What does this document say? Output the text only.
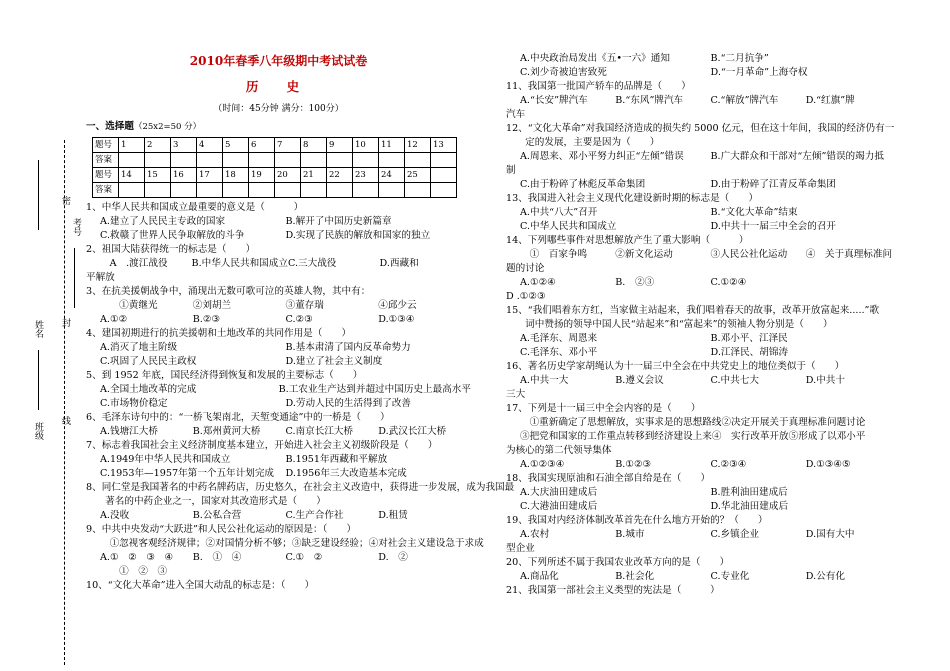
密
封
线
考号
姓名
班级
2010年春季八年级期中考试试卷
历 史
（时间：45分钟 满分：100分）
一、选择题（25x2=50 分）
题号	1	2	3	4	5	6	7	8	9	10	11	12	13
答案													
题号	14	15	16	17	18	19	20	21	22	23	24	25	
答案													
1、中华人民共和国成立最重要的意义是（　　　）
A.建立了人民民主专政的国家	B.解开了中国历史新篇章
C.救赣了世界人民争取解放的斗争	D.实现了民族的解放和国家的独立
2、祖国大陆获得统一的标志是（　　）
　A　.渡江战役	B.中华人民共和国成立 C.三大战役	D.西藏和
平解放
3、在抗美援朝战争中，涌现出无数可歌可泣的英雄人物，其中有：
　　①黄继光	②刘胡兰	③董存瑞	④邱少云
A.①②	B.②③	C.②③	D.①③④
4、建国初期进行的抗美援朝和土地改革的共同作用是（　　）
A.消灭了地主阶级	B.基本肃清了国内反革命势力
C.巩固了人民民主政权	D.建立了社会主义制度
5、到 1952 年底，国民经济得到恢复和发展的主要标志（　　）
A.全国土地改革的完成	B.工农业生产达到并超过中国历史上最高水平
C.市场物价稳定	D.劳动人民的生活得到了改善
6、毛泽东诗句中的：“一桥飞架南北，天堑变通途”中的一桥是（　　）
A.钱塘江大桥	B.郑州黄河大桥	C.南京长江大桥	D.武汉长江大桥
7、标志着我国社会主义经济制度基本建立，开始进入社会主义初级阶段是（　　）
A.1949年中华人民共和国成立	B.1951年西藏和平解放
C.1953年—1957年第一个五年计划完成	D.1956年三大改造基本完成
8、同仁堂是我国著名的中药名牌药店，历史悠久，在社会主义改造中，获得进一步发展，成为我国最
　　著名的中药企业之一，国家对其改造形式是（　　）
A.没收	B.公私合营	C.生产合作社	D.租赁
9、中共中央发动“大跃进”和人民公社化运动的原因是：（　　）
　①忽视客观经济规律；②对国情分析不够；③缺乏建设经验；④对社会主义建设急于求成
A.①　②　③　④	B.　①　④	C.①　②	D.　②
　　①　②　③
10、“文化大革命”进入全国大动乱的标志是：（　　）
A.中央政治局发出《五•一六》通知	B.“二月抗争”
C.刘少奇被迫害致死	D.“一月革命”上海夺权
11、我国第一批国产轿车的品牌是（　　）
A.“长安”牌汽车	B.“东风”牌汽车	C.“解放”牌汽车	D.“红旗”牌
汽车
12、“文化大革命”对我国经济造成的损失约 5000 亿元，但在这十年间，我国的经济仍有一
　　定的发展，主要是因为（　　）
A.周恩来、邓小平努力纠正“左倾”错误	B.广大群众和干部对“左倾”错误的竭力抵
制
C.由于粉碎了林彪反革命集团	D.由于粉碎了江青反革命集团
13、我国进入社会主义现代化建设新时期的标志是（　　）
A.中共“八大”召开	B.“文化大革命”结束
C.中华人民共和国成立	D.中共十一届三中全会的召开
14、下列哪些事件对思想解放产生了重大影响（　　　）
　①　百家争鸣	②新文化运动	③人民公社化运动	④　关于真理标准问
题的讨论
A.①②④	B.　②③	C.①②④
D .①②③
15、“我们唱着东方红，当家做主站起来，我们唱着春天的故事，改革开放富起来.....”歌
　　词中赞扬的领导中国人民“站起来”和“富起来”的领袖人物分别是（　　）
A.毛泽东、周恩来	B.邓小平、江泽民
C.毛泽东、邓小平	D.江泽民、胡锦涛
16、著名历史学家胡绳认为十一届三中全会在中共党史上的地位类似于（　　）
A.中共一大	B.遵义会议	C.中共七大	D.中共十
三大
17、下列是十一届三中全会内容的是（　　）
　①重新确定了思想解放，实事求是的思想路线 ②决定开展关于真理标准问题讨论
③把党和国家的工作重点转移到经济建设上来 ④　实行改革开放⑤形成了以邓小平
为核心的第二代领导集体
A.①②③④	B.①②③	C.②③④	D.①③④⑤
18、我国实现原油和石油全部自给是在（　　）
A.大庆油田建成后	B.胜利油田建成后
C.大港油田建成后	D.华北油田建成后
19、我国对内经济体制改革首先在什么地方开始的？（　　）
A.农村	B.城市	C.乡镇企业	D.国有大中
型企业
20、下列所述不属于我国农业改革方向的是（　　）
A.商品化	B.社会化	C.专业化	D.公有化
21、我国第一部社会主义类型的宪法是（　　　）
